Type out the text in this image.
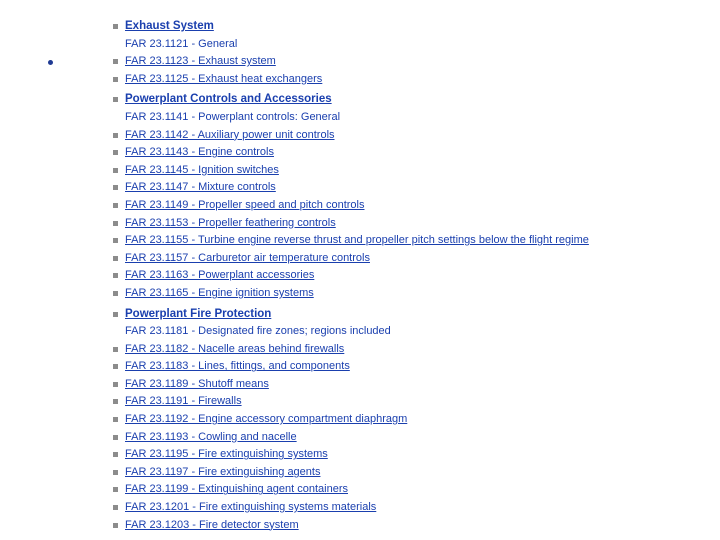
Exhaust System
FAR 23.1121 - General
FAR 23.1123 - Exhaust system
FAR 23.1125 - Exhaust heat exchangers
Powerplant Controls and Accessories
FAR 23.1141 - Powerplant controls: General
FAR 23.1142 - Auxiliary power unit controls
FAR 23.1143 - Engine controls
FAR 23.1145 - Ignition switches
FAR 23.1147 - Mixture controls
FAR 23.1149 - Propeller speed and pitch controls
FAR 23.1153 - Propeller feathering controls
FAR 23.1155 - Turbine engine reverse thrust and propeller pitch settings below the flight regime
FAR 23.1157 - Carburetor air temperature controls
FAR 23.1163 - Powerplant accessories
FAR 23.1165 - Engine ignition systems
Powerplant Fire Protection
FAR 23.1181 - Designated fire zones; regions included
FAR 23.1182 - Nacelle areas behind firewalls
FAR 23.1183 - Lines, fittings, and components
FAR 23.1189 - Shutoff means
FAR 23.1191 - Firewalls
FAR 23.1192 - Engine accessory compartment diaphragm
FAR 23.1193 - Cowling and nacelle
FAR 23.1195 - Fire extinguishing systems
FAR 23.1197 - Fire extinguishing agents
FAR 23.1199 - Extinguishing agent containers
FAR 23.1201 - Fire extinguishing systems materials
FAR 23.1203 - Fire detector system
